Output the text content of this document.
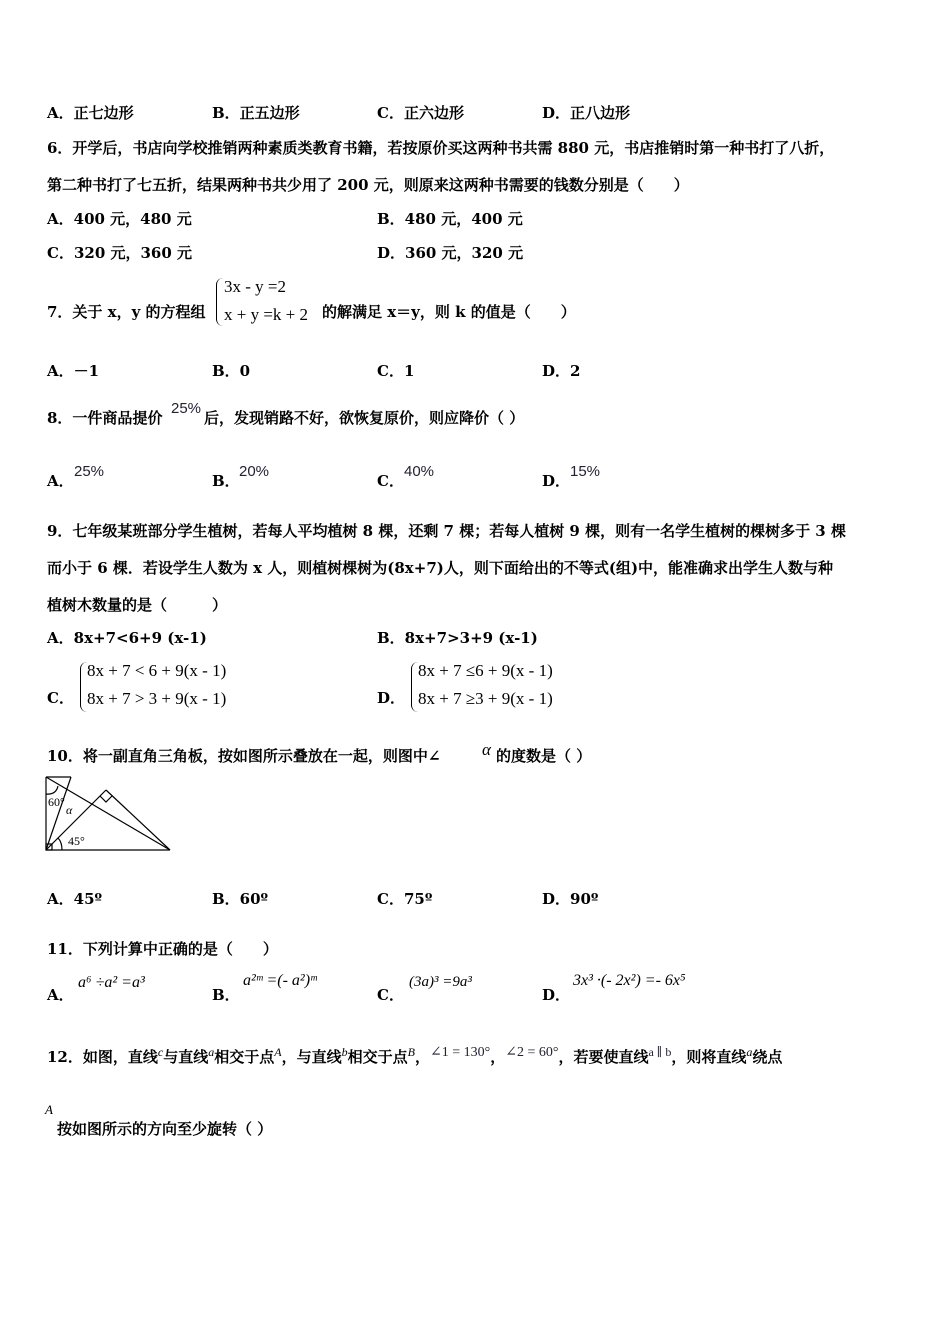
A．正七边形	B．正五边形	C．正六边形	D．正八边形
6．开学后，书店向学校推销两种素质类教育书籍，若按原价买这两种书共需 880 元，书店推销时第一种书打了八折，
第二种书打了七五折，结果两种书共少用了 200 元，则原来这两种书需要的钱数分别是（　　）
A．400 元，480 元	B．480 元，400 元
C．320 元，360 元	D．360 元，320 元
7．关于 x，y 的方程组
3x - y =2
x + y =k + 2 的解满足 x＝y，则 k 的值是（　　）
A．－1	B．0	C．1	D．2
8．一件商品提价
25%
后，发现销路不好，欲恢复原价，则应降价（ ）
A．
25%
B．
20%
C．
40%
D．
15%
9．七年级某班部分学生植树，若每人平均植树 8 棵，还剩 7 棵；若每人植树 9 棵，则有一名学生植树的棵树多于 3 棵
而小于 6 棵．若设学生人数为 x 人，则植树棵树为(8x+7)人，则下面给出的不等式(组)中，能准确求出学生人数与种
植树木数量的是（　　　）
A．8x+7<6+9 (x-1)	B．8x+7>3+9 (x-1)
C．
8x + 7 < 6 + 9(x - 1)
8x + 7 > 3 + 9(x - 1)	D．
8x + 7 ≤6 + 9(x - 1)
8x + 7 ≥3 + 9(x - 1)
10．将一副直角三角板，按如图所示叠放在一起，则图中∠ α 的度数是（ ）
60°
α
45°
A．45º	B．60º	C．75º	D．90º
11．下列计算中正确的是（　　）
A．
a⁶ ÷a² =a³
B．
a²ᵐ =(- a²)ᵐ
C．
(3a)³ =9a³
D．
3x³ ·(- 2x²) =- 6x⁵
12．如图，直线$^c$与直线$^a$相交于点$^A$，与直线$^b$相交于点$^B$，$^{\angle 1 = 130^\circ}$，$^{\angle 2 = 60^\circ}$，若要使直线$^{a \parallel b}$，则将直线$^a$绕点
A
按如图所示的方向至少旋转（ ）
